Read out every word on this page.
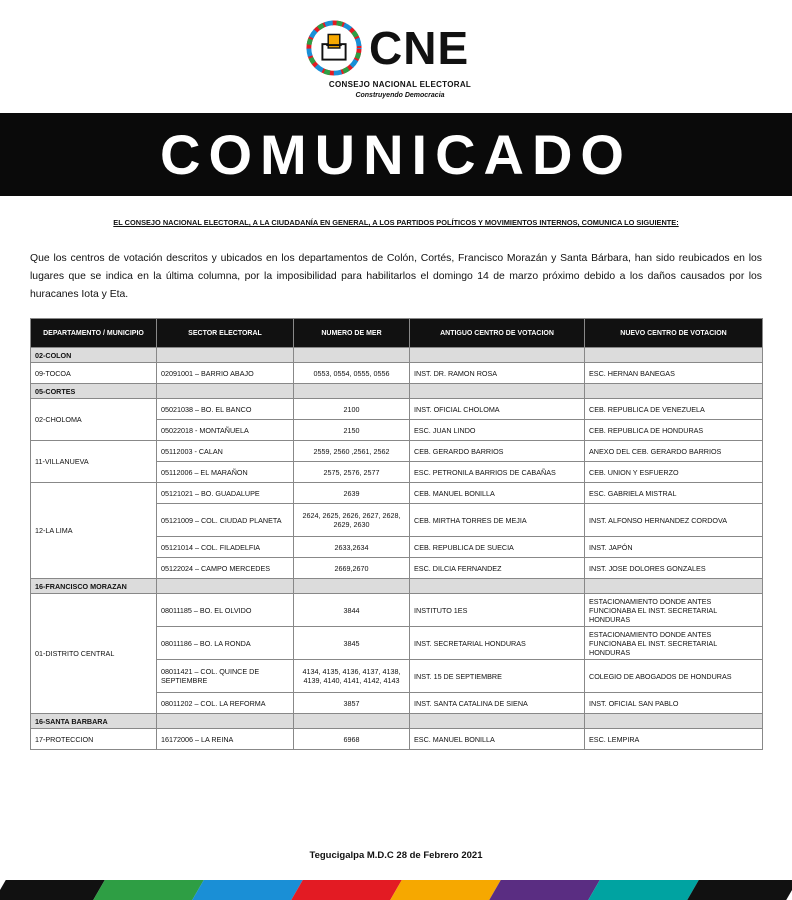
CNE
CONSEJO NACIONAL ELECTORAL
Construyendo Democracia
COMUNICADO
EL CONSEJO NACIONAL ELECTORAL, A LA CIUDADANÍA EN GENERAL, A LOS PARTIDOS POLÍTICOS Y MOVIMIENTOS INTERNOS, COMUNICA LO SIGUIENTE:
Que los centros de votación descritos y ubicados en los departamentos de Colón, Cortés, Francisco Morazán y Santa Bárbara, han sido reubicados en los lugares que se indica en la última columna, por la imposibilidad para habilitarlos el domingo 14 de marzo próximo debido a los daños causados por los huracanes Iota y Eta.
DEPARTAMENTO / MUNICIPIO	SECTOR ELECTORAL	NUMERO DE MER	ANTIGUO CENTRO DE VOTACION	NUEVO CENTRO DE VOTACION
02-COLON				
09-TOCOA	02091001 – BARRIO ABAJO	0553, 0554, 0555, 0556	INST. DR. RAMON ROSA	ESC. HERNAN BANEGAS
05-CORTES				
02-CHOLOMA	05021038 – BO. EL BANCO	2100	INST. OFICIAL CHOLOMA	CEB. REPUBLICA DE VENEZUELA
	05022018 - MONTAÑUELA	2150	ESC. JUAN LINDO	CEB. REPUBLICA DE HONDURAS
11-VILLANUEVA	05112003 - CALAN	2559, 2560 ,2561, 2562	CEB. GERARDO BARRIOS	ANEXO DEL CEB. GERARDO BARRIOS
	05112006 – EL MARAÑON	2575, 2576, 2577	ESC. PETRONILA BARRIOS DE CABAÑAS	CEB. UNION Y ESFUERZO
12-LA LIMA	05121021 – BO. GUADALUPE	2639	CEB. MANUEL BONILLA	ESC. GABRIELA MISTRAL
	05121009 – COL. CIUDAD PLANETA	2624, 2625, 2626, 2627, 2628, 2629, 2630	CEB. MIRTHA TORRES DE MEJIA	INST. ALFONSO HERNANDEZ CORDOVA
	05121014 – COL. FILADELFIA	2633,2634	CEB. REPUBLICA DE SUECIA	INST. JAPÓN
	05122024 – CAMPO MERCEDES	2669,2670	ESC. DILCIA FERNANDEZ	INST. JOSE DOLORES GONZALES
16-FRANCISCO MORAZAN				
01-DISTRITO CENTRAL	08011185 – BO. EL OLVIDO	3844	INSTITUTO 1ES	ESTACIONAMIENTO DONDE ANTES FUNCIONABA EL INST. SECRETARIAL HONDURAS
	08011186 – BO. LA RONDA	3845	INST. SECRETARIAL HONDURAS	ESTACIONAMIENTO DONDE ANTES FUNCIONABA EL INST. SECRETARIAL HONDURAS
	08011421 – COL. QUINCE DE SEPTIEMBRE	4134, 4135, 4136, 4137, 4138, 4139, 4140, 4141, 4142, 4143	INST. 15 DE SEPTIEMBRE	COLEGIO DE ABOGADOS DE HONDURAS
	08011202 – COL. LA REFORMA	3857	INST. SANTA CATALINA DE SIENA	INST. OFICIAL SAN PABLO
16-SANTA BARBARA				
17-PROTECCION	16172006 – LA REINA	6968	ESC. MANUEL BONILLA	ESC. LEMPIRA
Tegucigalpa M.D.C 28 de Febrero 2021
